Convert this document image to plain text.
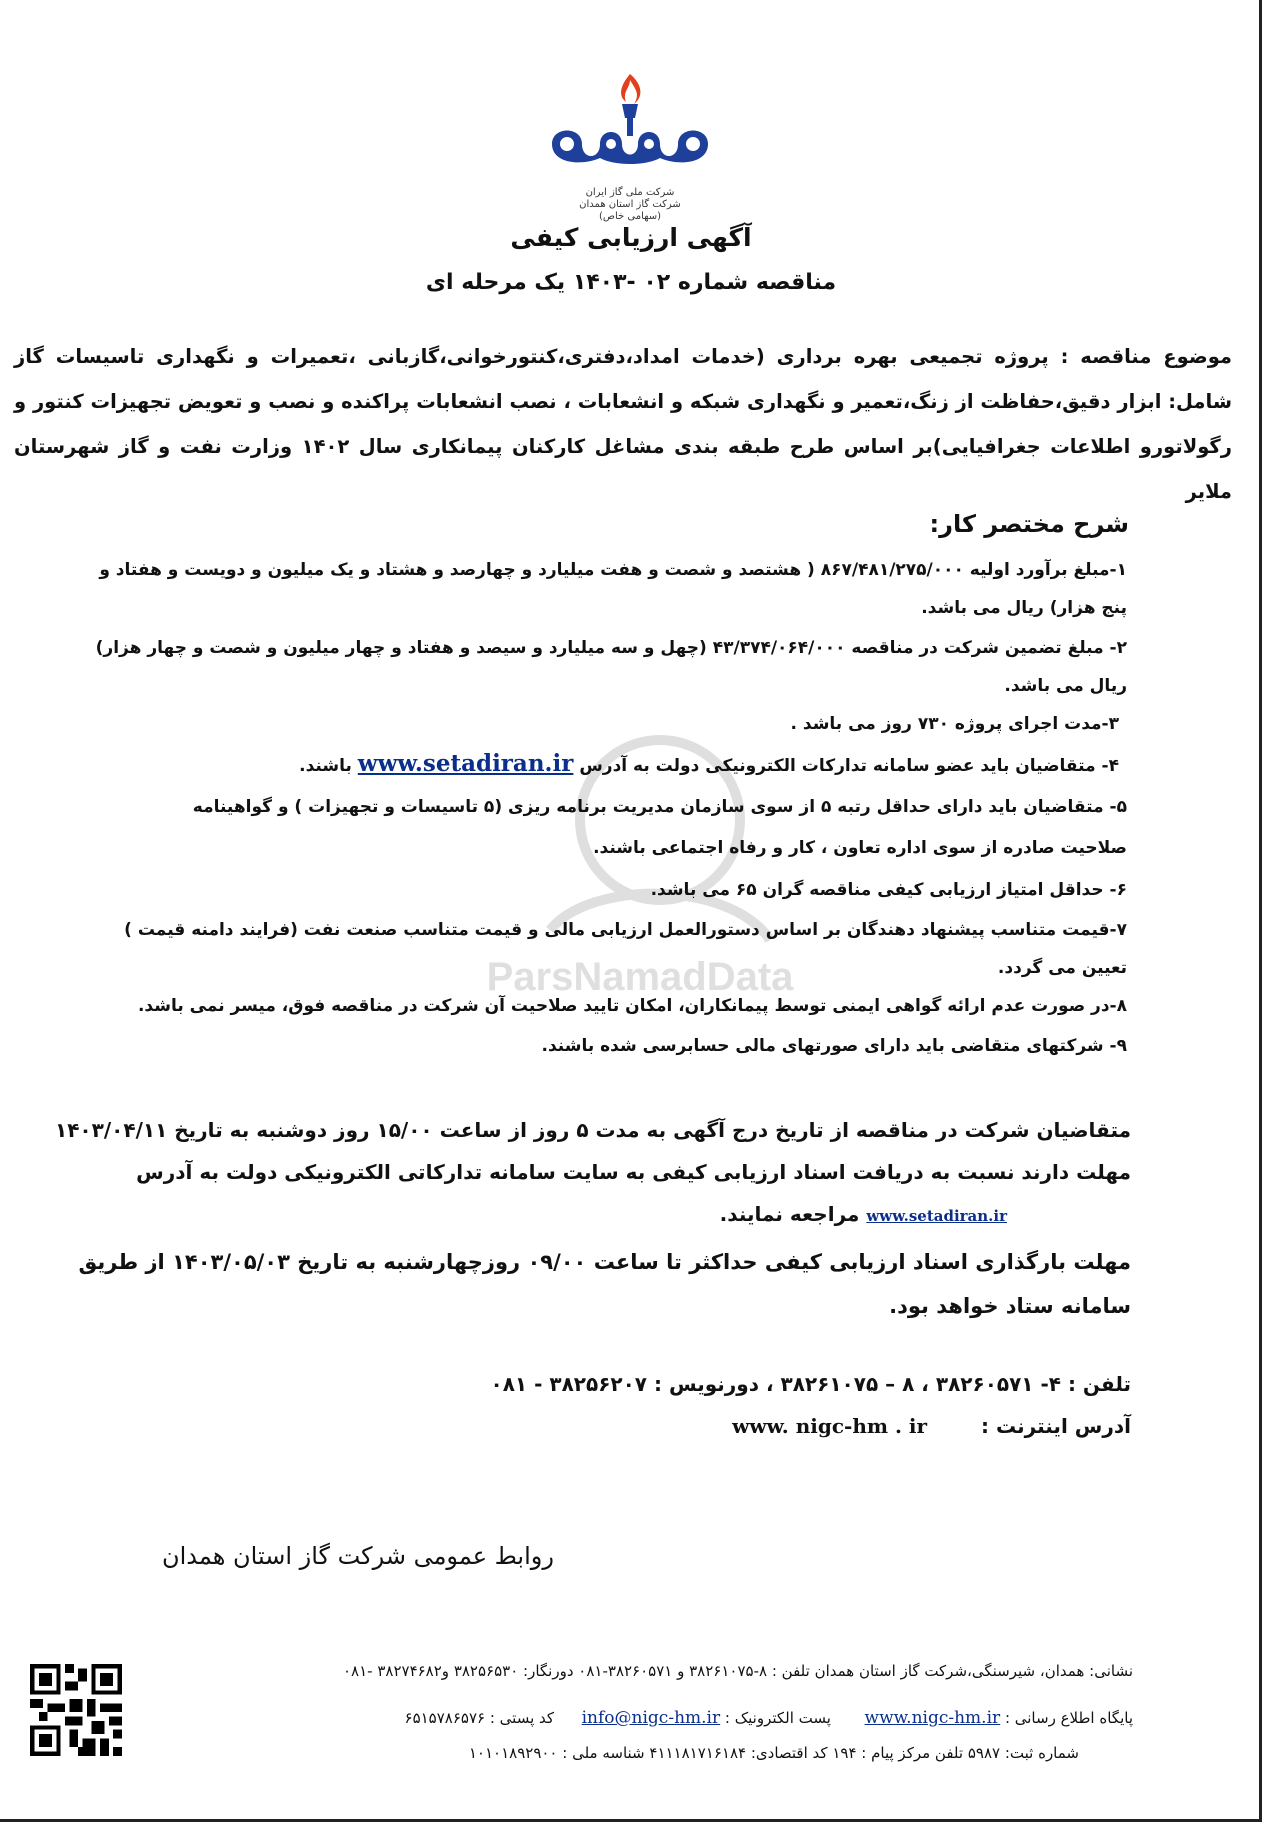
شرکت ملی گاز ایران
شرکت گاز استان همدان
(سهامی خاص)
آگهی ارزیابی کیفی
مناقصه شماره ۰۲ -۱۴۰۳ یک مرحله ای
موضوع مناقصه : پروژه تجمیعی بهره برداری (خدمات امداد،دفتری،کنتورخوانی،گازبانی ،تعمیرات و نگهداری تاسیسات گاز شامل: ابزار دقیق،حفاظت از زنگ،تعمیر و نگهداری شبکه و انشعابات ، نصب انشعابات پراکنده و نصب و تعویض تجهیزات کنتور و رگولاتورو اطلاعات جغرافیایی)بر اساس طرح طبقه بندی مشاغل کارکنان پیمانکاری سال ۱۴۰۲ وزارت نفت و گاز شهرستان ملایر
شرح مختصر کار:
ParsNamadData
۱-مبلغ برآورد اولیه ۸۶۷/۴۸۱/۲۷۵/۰۰۰ ( هشتصد و شصت و هفت میلیارد و چهارصد و هشتاد و یک میلیون و دویست و هفتاد و
پنج هزار) ریال می باشد.
۲- مبلغ تضمین شرکت در مناقصه ۴۳/۳۷۴/۰۶۴/۰۰۰ (چهل و سه میلیارد و سیصد و هفتاد و چهار میلیون و شصت و چهار هزار)
ریال می باشد.
۳-مدت اجرای پروژه ۷۳۰ روز می باشد .
۴- متقاضیان باید عضو سامانه تدارکات الکترونیکی دولت به آدرس www.setadiran.ir باشند.
۵- متقاضیان باید دارای حداقل رتبه ۵ از سوی سازمان مدیریت برنامه ریزی (۵ تاسیسات و تجهیزات ) و گواهینامه
صلاحیت صادره از سوی اداره تعاون ، کار و رفاه اجتماعی باشند.
۶- حداقل امتیاز ارزیابی کیفی مناقصه گران ۶۵ می باشد.
۷-قیمت متناسب پیشنهاد دهندگان بر اساس دستورالعمل ارزیابی مالی و قیمت متناسب صنعت نفت (فرایند دامنه قیمت )
تعیین می گردد.
۸-در صورت عدم ارائه گواهی ایمنی توسط پیمانکاران، امکان تایید صلاحیت آن شرکت در مناقصه فوق، میسر نمی باشد.
۹- شرکتهای متقاضی باید دارای صورتهای مالی حسابرسی شده باشند.
متقاضیان شرکت در مناقصه از تاریخ درج آگهی به مدت ۵ روز از ساعت ۱۵/۰۰ روز دوشنبه به تاریخ ۱۴۰۳/۰۴/۱۱
مهلت دارند نسبت به دریافت اسناد ارزیابی کیفی به سایت سامانه تدارکاتی الکترونیکی دولت به آدرس
www.setadiran.ir مراجعه نمایند.
مهلت بارگذاری اسناد ارزیابی کیفی حداکثر تا ساعت ۰۹/۰۰ روزچهارشنبه به تاریخ ۱۴۰۳/۰۵/۰۳ از طریق
سامانه ستاد خواهد بود.
تلفن : ۴- ۳۸۲۶۰۵۷۱ ، ۸ – ۳۸۲۶۱۰۷۵ ، دورنویس : ۳۸۲۵۶۲۰۷ - ۰۸۱
آدرس اینترنت :  www. nigc-hm . ir
روابط عمومی شرکت گاز استان همدان
نشانی: همدان، شیرسنگی،شرکت گاز استان همدان تلفن : ۸-۳۸۲۶۱۰۷۵ و ۳۸۲۶۰۵۷۱-۰۸۱ دورنگار: ۳۸۲۵۶۵۳۰ و۳۸۲۷۴۶۸۲ -۰۸۱
پایگاه اطلاع رسانی : www.nigc-hm.ir  پست الکترونیک : info@nigc-hm.ir  کد پستی : ۶۵۱۵۷۸۶۵۷۶
شماره ثبت: ۵۹۸۷ تلفن مرکز پیام : ۱۹۴ کد اقتصادی: ۴۱۱۱۸۱۷۱۶۱۸۴ شناسه ملی : ۱۰۱۰۱۸۹۲۹۰۰
